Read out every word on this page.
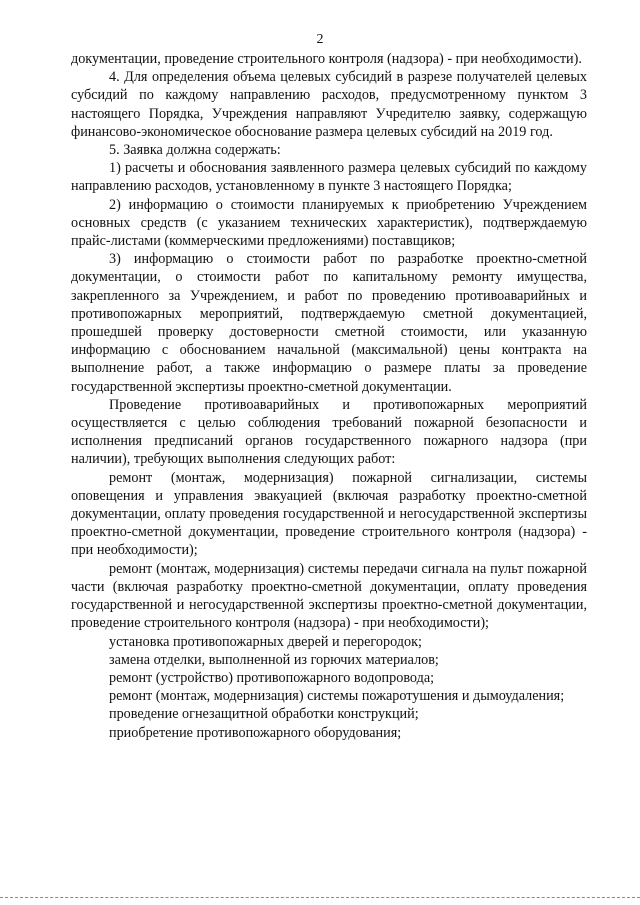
2

документации, проведение строительного контроля (надзора) - при необходимости).

4. Для определения объема целевых субсидий в разрезе получателей целевых субсидий по каждому направлению расходов, предусмотренному пунктом 3 настоящего Порядка, Учреждения направляют Учредителю заявку, содержащую финансово-экономическое обоснование размера целевых субсидий на 2019 год.

5. Заявка должна содержать:

1) расчеты и обоснования заявленного размера целевых субсидий по каждому направлению расходов, установленному в пункте 3 настоящего Порядка;

2) информацию о стоимости планируемых к приобретению Учреждением основных средств (с указанием технических характеристик), подтверждаемую прайс-листами (коммерческими предложениями) поставщиков;

3) информацию о стоимости работ по разработке проектно-сметной документации, о стоимости работ по капитальному ремонту имущества, закрепленного за Учреждением, и работ по проведению противоаварийных и противопожарных мероприятий, подтверждаемую сметной документацией, прошедшей проверку достоверности сметной стоимости, или указанную информацию с обоснованием начальной (максимальной) цены контракта на выполнение работ, а также информацию о размере платы за проведение государственной экспертизы проектно-сметной документации.

Проведение противоаварийных и противопожарных мероприятий осуществляется с целью соблюдения требований пожарной безопасности и исполнения предписаний органов государственного пожарного надзора (при наличии), требующих выполнения следующих работ:

ремонт (монтаж, модернизация) пожарной сигнализации, системы оповещения и управления эвакуацией (включая разработку проектно-сметной документации, оплату проведения государственной и негосударственной экспертизы проектно-сметной документации, проведение строительного контроля (надзора) - при необходимости);

ремонт (монтаж, модернизация) системы передачи сигнала на пульт пожарной части (включая разработку проектно-сметной документации, оплату проведения государственной и негосударственной экспертизы проектно-сметной документации, проведение строительного контроля (надзора) - при необходимости);

установка противопожарных дверей и перегородок;

замена отделки, выполненной из горючих материалов;

ремонт (устройство) противопожарного водопровода;

ремонт (монтаж, модернизация) системы пожаротушения и дымоудаления;

проведение огнезащитной обработки конструкций;

приобретение противопожарного оборудования;
